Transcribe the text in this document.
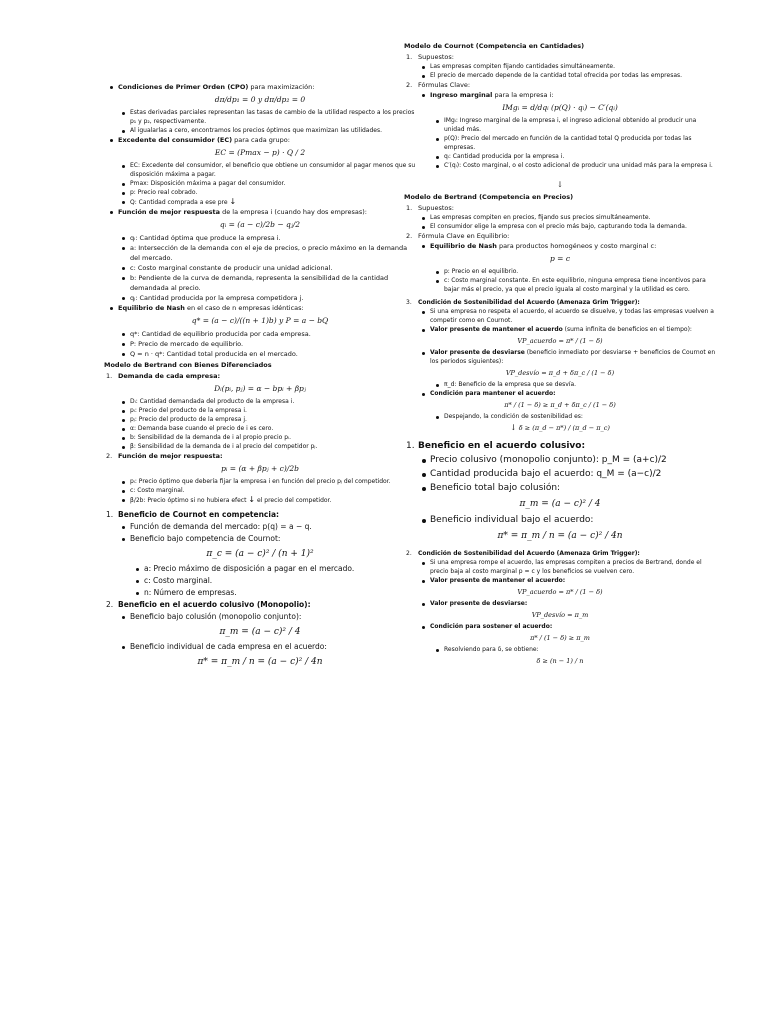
Condiciones de Primer Orden (CPO) para maximización:
dπ/dp₁ = 0 y dπ/dp₂ = 0
Estas derivadas parciales representan las tasas de cambio de la utilidad respecto a los precios p₁ y p₂, respectivamente.
Al igualarlas a cero, encontramos los precios óptimos que maximizan las utilidades.
Excedente del consumidor (EC) para cada grupo:
EC = (Pmax − p) · Q / 2
EC: Excedente del consumidor, el beneficio que obtiene un consumidor al pagar menos que su disposición máxima a pagar.
Pmax: Disposición máxima a pagar del consumidor.
p: Precio real cobrado.
Q: Cantidad comprada a ese pre ↓
Función de mejor respuesta de la empresa i (cuando hay dos empresas):
qᵢ = (a − c)/2b − qⱼ/2
qᵢ: Cantidad óptima que produce la empresa i.
a: Intersección de la demanda con el eje de precios, o precio máximo en la demanda del mercado.
c: Costo marginal constante de producir una unidad adicional.
b: Pendiente de la curva de demanda, representa la sensibilidad de la cantidad demandada al precio.
qⱼ: Cantidad producida por la empresa competidora j.
Equilibrio de Nash en el caso de n empresas idénticas:
q* = (a − c)/((n + 1)b) y P = a − bQ
q*: Cantidad de equilibrio producida por cada empresa.
P: Precio de mercado de equilibrio.
Q = n · q*: Cantidad total producida en el mercado.
Modelo de Bertrand con Bienes Diferenciados
1. Demanda de cada empresa:
Dᵢ(pᵢ, pⱼ) = α − bpᵢ + βpⱼ
Dᵢ: Cantidad demandada del producto de la empresa i.
pᵢ: Precio del producto de la empresa i.
pⱼ: Precio del producto de la empresa j.
α: Demanda base cuando el precio de i es cero.
b: Sensibilidad de la demanda de i al propio precio pᵢ.
β: Sensibilidad de la demanda de i al precio del competidor pⱼ.
2. Función de mejor respuesta:
pᵢ = (α + βpⱼ + c)/2b
pᵢ: Precio óptimo que debería fijar la empresa i en función del precio pⱼ del competidor.
c: Costo marginal.
β/2b: Precio óptimo si no hubiera efect ↓ el precio del competidor.
1. Beneficio de Cournot en competencia:
Función de demanda del mercado: p(q) = a − q.
Beneficio bajo competencia de Cournot:
π_c = (a − c)² / (n + 1)²
a: Precio máximo de disposición a pagar en el mercado.
c: Costo marginal.
n: Número de empresas.
2. Beneficio en el acuerdo colusivo (Monopolio):
Beneficio bajo colusión (monopolio conjunto):
π_m = (a − c)² / 4
Beneficio individual de cada empresa en el acuerdo:
π* = π_m / n = (a − c)² / 4n
Modelo de Cournot (Competencia en Cantidades)
1. Supuestos:
Las empresas compiten fijando cantidades simultáneamente.
El precio de mercado depende de la cantidad total ofrecida por todas las empresas.
2. Fórmulas Clave:
Ingreso marginal para la empresa i:
IMgᵢ = d/dqᵢ (p(Q) · qᵢ) − C′(qᵢ)
IMgᵢ: Ingreso marginal de la empresa i, el ingreso adicional obtenido al producir una unidad más.
p(Q): Precio del mercado en función de la cantidad total Q producida por todas las empresas.
qᵢ: Cantidad producida por la empresa i.
C′(qᵢ): Costo marginal, o el costo adicional de producir una unidad más para la empresa i.
↓
Modelo de Bertrand (Competencia en Precios)
1. Supuestos:
Las empresas compiten en precios, fijando sus precios simultáneamente.
El consumidor elige la empresa con el precio más bajo, capturando toda la demanda.
2. Fórmula Clave en Equilibrio:
Equilibrio de Nash para productos homogéneos y costo marginal c:
p = c
p: Precio en el equilibrio.
c: Costo marginal constante. En este equilibrio, ninguna empresa tiene incentivos para bajar más el precio, ya que el precio iguala al costo marginal y la utilidad es cero.
3. Condición de Sostenibilidad del Acuerdo (Amenaza Grim Trigger):
Si una empresa no respeta el acuerdo, el acuerdo se disuelve, y todas las empresas vuelven a competir como en Cournot.
Valor presente de mantener el acuerdo (suma infinita de beneficios en el tiempo):
VP_acuerdo = π* / (1 − δ)
Valor presente de desviarse (beneficio inmediato por desviarse + beneficios de Cournot en los periodos siguientes):
VP_desvío = π_d + δπ_c / (1 − δ)
π_d: Beneficio de la empresa que se desvía.
Condición para mantener el acuerdo:
π* / (1 − δ) ≥ π_d + δπ_c / (1 − δ)
Despejando, la condición de sostenibilidad es:
↓ δ ≥ (π_d − π*) / (π_d − π_c)
1. Beneficio en el acuerdo colusivo:
Precio colusivo (monopolio conjunto): p_M = (a+c)/2
Cantidad producida bajo el acuerdo: q_M = (a−c)/2
Beneficio total bajo colusión:
π_m = (a − c)² / 4
Beneficio individual bajo el acuerdo:
π* = π_m / n = (a − c)² / 4n
2. Condición de Sostenibilidad del Acuerdo (Amenaza Grim Trigger):
Si una empresa rompe el acuerdo, las empresas compiten a precios de Bertrand, donde el precio baja al costo marginal p = c y los beneficios se vuelven cero.
Valor presente de mantener el acuerdo:
VP_acuerdo = π* / (1 − δ)
Valor presente de desviarse:
VP_desvío = π_m
Condición para sostener el acuerdo:
π* / (1 − δ) ≥ π_m
Resolviendo para δ, se obtiene:
δ ≥ (n − 1) / n
